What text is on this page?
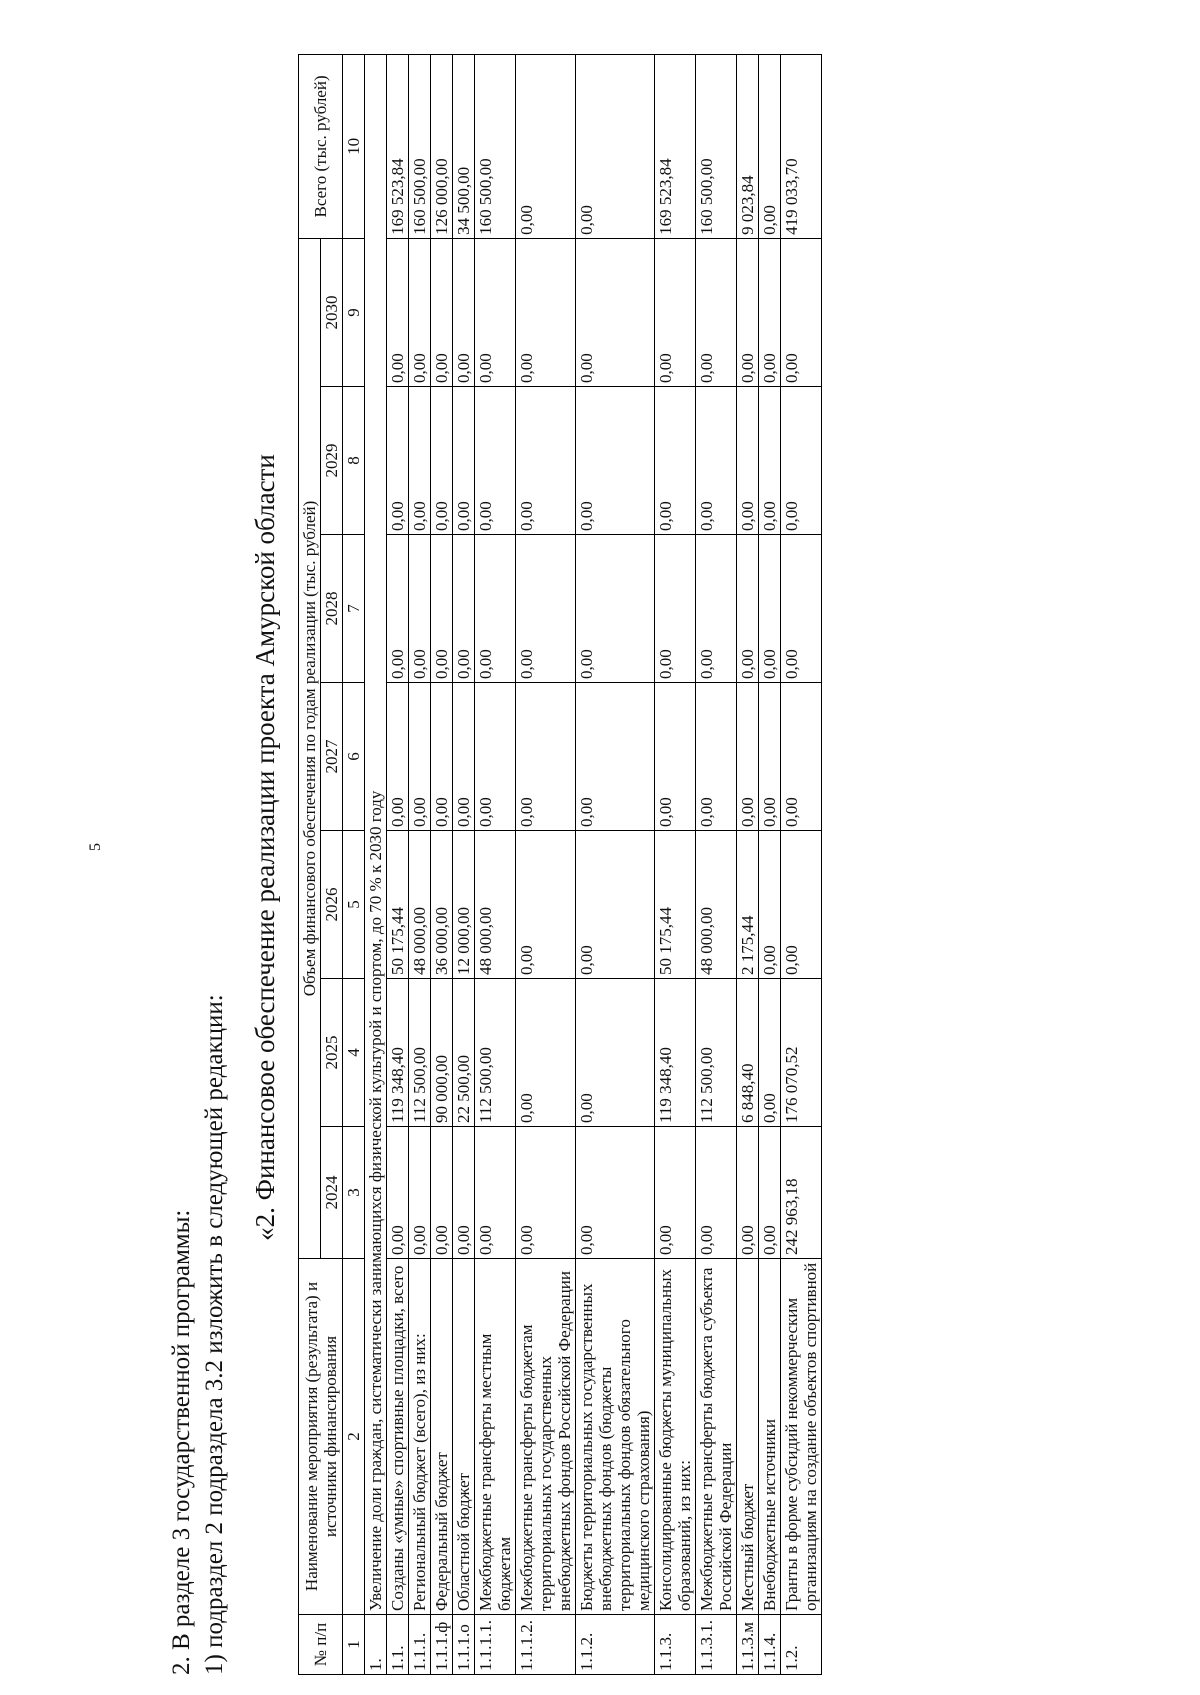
5
2. В разделе 3 государственной программы: 1) подраздел 2 подраздела 3.2 изложить в следующей редакции:
«2. Финансовое обеспечение реализации проекта Амурской области
№ п/п	Наименование мероприятия (результата) и источники финансирования	Объем финансового обеспечения по годам реализации (тыс. рублей)							Всего (тыс. рублей)
		2024	2025	2026	2027	2028	2029	2030	
1	2	3	4	5	6	7	8	9	10
1.	Увеличение доли граждан, систематически занимающихся физической культурой и спортом, до 70 % к 2030 году								
1.1.	Созданы «умные» спортивные площадки, всего	0,00	119 348,40	50 175,44	0,00	0,00	0,00	0,00	169 523,84
1.1.1.	Региональный бюджет (всего), из них:	0,00	112 500,00	48 000,00	0,00	0,00	0,00	0,00	160 500,00
1.1.1.ф	Федеральный бюджет	0,00	90 000,00	36 000,00	0,00	0,00	0,00	0,00	126 000,00
1.1.1.о	Областной бюджет	0,00	22 500,00	12 000,00	0,00	0,00	0,00	0,00	34 500,00
1.1.1.1.	Межбюджетные трансферты местным бюджетам	0,00	112 500,00	48 000,00	0,00	0,00	0,00	0,00	160 500,00
1.1.1.2.	Межбюджетные трансферты бюджетам территориальных государственных внебюджетных фондов Российской Федерации	0,00	0,00	0,00	0,00	0,00	0,00	0,00	0,00
1.1.2.	Бюджеты территориальных государственных внебюджетных фондов (бюджеты территориальных фондов обязательного медицинского страхования)	0,00	0,00	0,00	0,00	0,00	0,00	0,00	0,00
1.1.3.	Консолидированные бюджеты муниципальных образований, из них:	0,00	119 348,40	50 175,44	0,00	0,00	0,00	0,00	169 523,84
1.1.3.1.	Межбюджетные трансферты бюджета субъекта Российской Федерации	0,00	112 500,00	48 000,00	0,00	0,00	0,00	0,00	160 500,00
1.1.3.м	Местный бюджет	0,00	6 848,40	2 175,44	0,00	0,00	0,00	0,00	9 023,84
1.1.4.	Внебюджетные источники	0,00	0,00	0,00	0,00	0,00	0,00	0,00	0,00
1.2.	Гранты в форме субсидий некоммерческим организациям на создание объектов спортивной	242 963,18	176 070,52	0,00	0,00	0,00	0,00	0,00	419 033,70
